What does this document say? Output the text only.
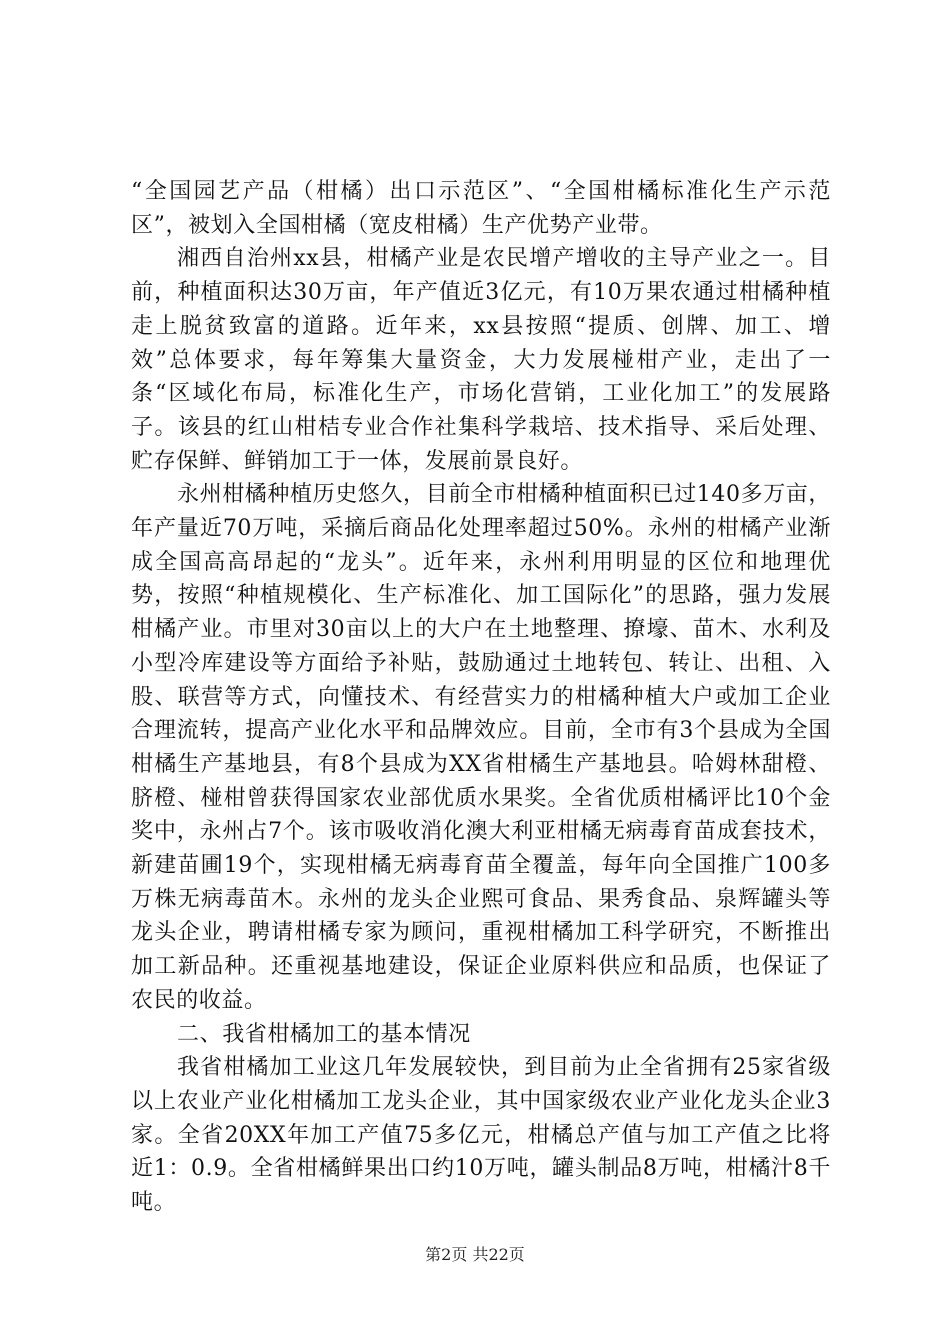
“全国园艺产品（柑橘）出口示范区”、“全国柑橘标准化生产示范区”，被划入全国柑橘（宽皮柑橘）生产优势产业带。

湘西自治州xx县，柑橘产业是农民增产增收的主导产业之一。目前，种植面积达30万亩，年产值近3亿元，有10万果农通过柑橘种植走上脱贫致富的道路。近年来，xx县按照“提质、创牌、加工、增效”总体要求，每年筹集大量资金，大力发展椪柑产业，走出了一条“区域化布局，标准化生产，市场化营销，工业化加工”的发展路子。该县的红山柑桔专业合作社集科学栽培、技术指导、采后处理、贮存保鲜、鲜销加工于一体，发展前景良好。

永州柑橘种植历史悠久，目前全市柑橘种植面积已过140多万亩，年产量近70万吨，采摘后商品化处理率超过50%。永州的柑橘产业渐成全国高高昂起的“龙头”。近年来，永州利用明显的区位和地理优势，按照“种植规模化、生产标准化、加工国际化”的思路，强力发展柑橘产业。市里对30亩以上的大户在土地整理、撩壕、苗木、水利及小型冷库建设等方面给予补贴，鼓励通过土地转包、转让、出租、入股、联营等方式，向懂技术、有经营实力的柑橘种植大户或加工企业合理流转，提高产业化水平和品牌效应。目前，全市有3个县成为全国柑橘生产基地县，有8个县成为XX省柑橘生产基地县。哈姆林甜橙、脐橙、椪柑曾获得国家农业部优质水果奖。全省优质柑橘评比10个金奖中，永州占7个。该市吸收消化澳大利亚柑橘无病毒育苗成套技术，新建苗圃19个，实现柑橘无病毒育苗全覆盖，每年向全国推广100多万株无病毒苗木。永州的龙头企业熙可食品、果秀食品、泉辉罐头等龙头企业，聘请柑橘专家为顾问，重视柑橘加工科学研究，不断推出加工新品种。还重视基地建设，保证企业原料供应和品质，也保证了农民的收益。

二、我省柑橘加工的基本情况

我省柑橘加工业这几年发展较快，到目前为止全省拥有25家省级以上农业产业化柑橘加工龙头企业，其中国家级农业产业化龙头企业3家。全省20XX年加工产值75多亿元，柑橘总产值与加工产值之比将近1：0.9。全省柑橘鲜果出口约10万吨，罐头制品8万吨，柑橘汁8千吨。

第2页 共22页
